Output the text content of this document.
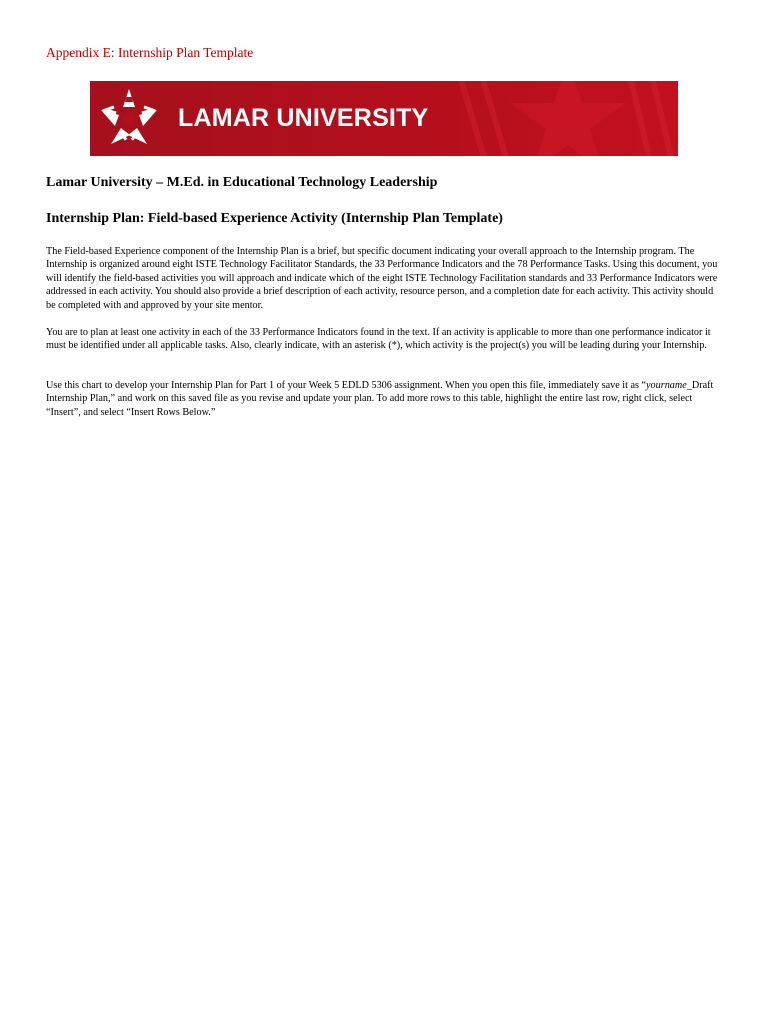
Appendix E: Internship Plan Template
LAMAR UNIVERSITY
Lamar University – M.Ed. in Educational Technology Leadership
Internship Plan: Field-based Experience Activity (Internship Plan Template)
The Field-based Experience component of the Internship Plan is a brief, but specific document indicating your overall approach to the Internship program. The Internship is organized around eight ISTE Technology Facilitator Standards, the 33 Performance Indicators and the 78 Performance Tasks. Using this document, you will identify the field-based activities you will approach and indicate which of the eight ISTE Technology Facilitation standards and 33 Performance Indicators were addressed in each activity. You should also provide a brief description of each activity, resource person, and a completion date for each activity. This activity should be completed with and approved by your site mentor.
You are to plan at least one activity in each of the 33 Performance Indicators found in the text. If an activity is applicable to more than one performance indicator it must be identified under all applicable tasks. Also, clearly indicate, with an asterisk (*), which activity is the project(s) you will be leading during your Internship.
Use this chart to develop your Internship Plan for Part 1 of your Week 5 EDLD 5306 assignment. When you open this file, immediately save it as “yourname_Draft Internship Plan,” and work on this saved file as you revise and update your plan. To add more rows to this table, highlight the entire last row, right click, select “Insert”, and select “Insert Rows Below.”
